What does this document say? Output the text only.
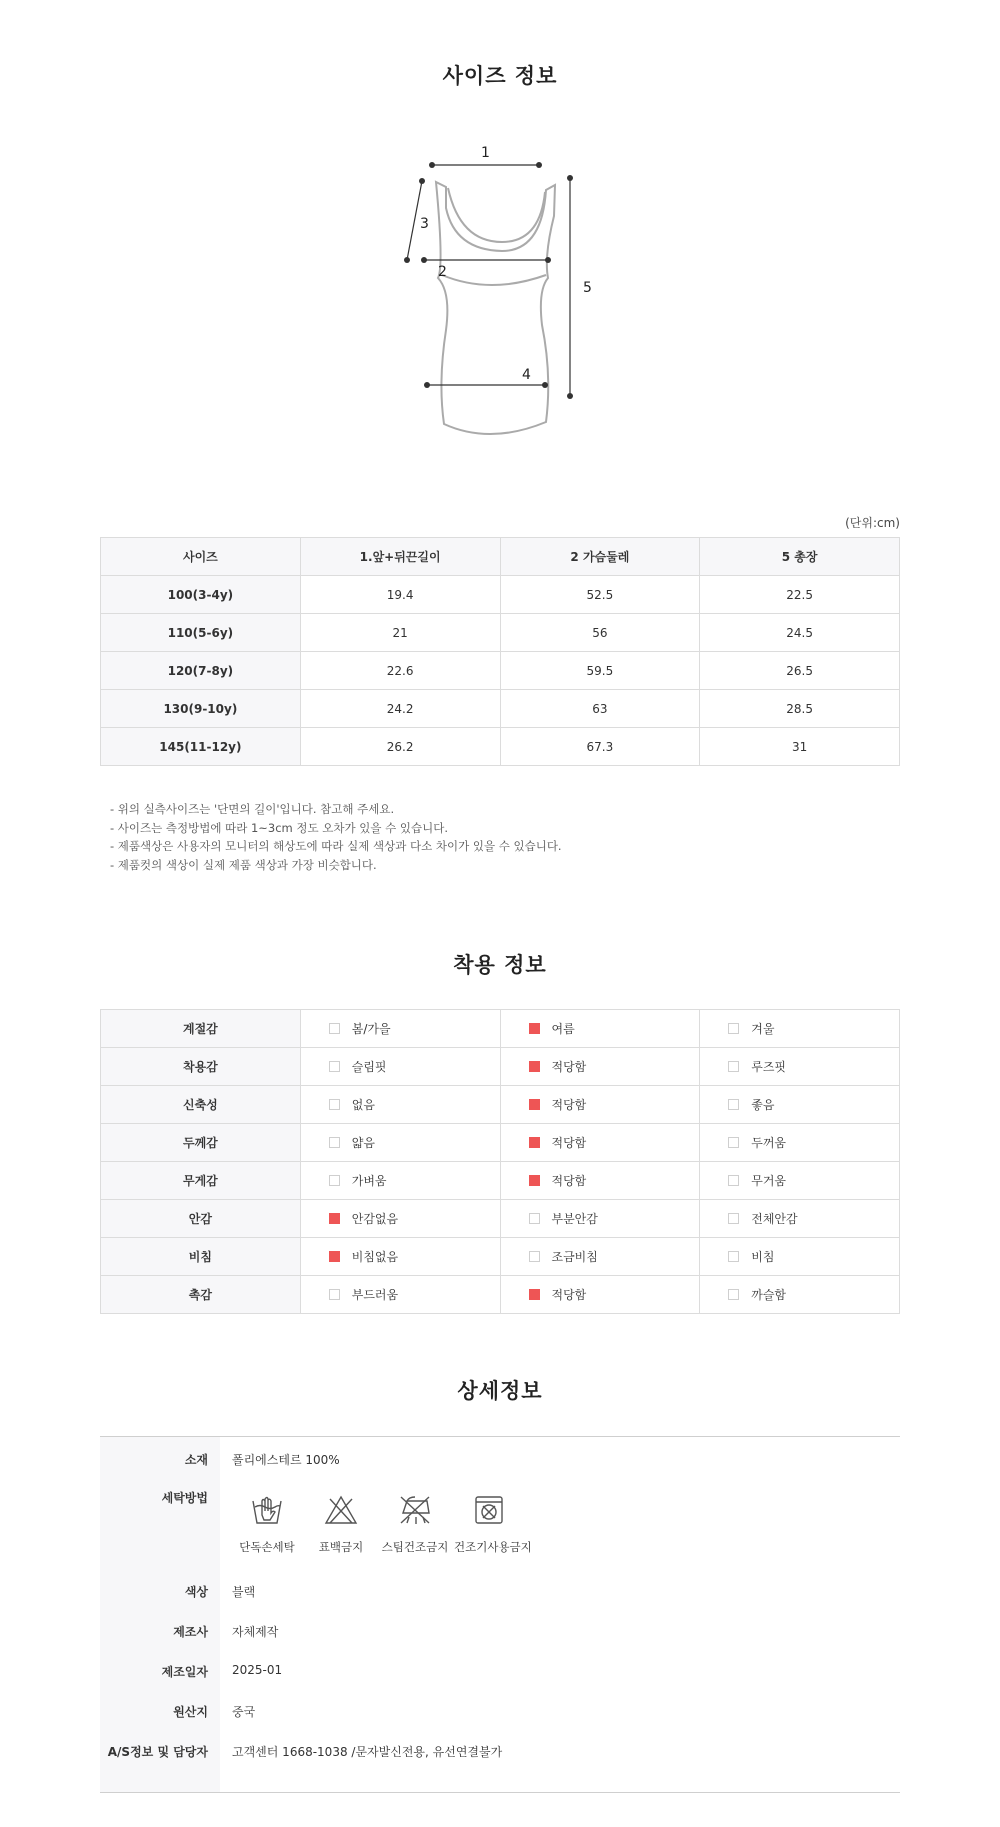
사이즈 정보
1
2
3
4
5
(단위:cm)
사이즈	1.앞+뒤끈길이	2 가슴둘레	5 총장
100(3-4y)	19.4	52.5	22.5
110(5-6y)	21	56	24.5
120(7-8y)	22.6	59.5	26.5
130(9-10y)	24.2	63	28.5
145(11-12y)	26.2	67.3	31
- 위의 실측사이즈는 '단면의 길이'입니다. 참고해 주세요.
- 사이즈는 측정방법에 따라 1~3cm 정도 오차가 있을 수 있습니다.
- 제품색상은 사용자의 모니터의 해상도에 따라 실제 색상과 다소 차이가 있을 수 있습니다.
- 제품컷의 색상이 실제 제품 색상과 가장 비슷합니다.
착용 정보
계절감	봄/가을	여름	겨울
착용감	슬림핏	적당함	루즈핏
신축성	없음	적당함	좋음
두께감	얇음	적당함	두꺼움
무게감	가벼움	적당함	무거움
안감	안감없음	부분안감	전체안감
비침	비침없음	조금비침	비침
촉감	부드러움	적당함	까슬함
상세정보
소재 폴리에스테르 100%
세탁방법
단독손세탁	표백금지	스팀건조금지 건조기사용금지
색상 블랙
제조사 자체제작
제조일자 2025-01
원산지 중국
A/S정보 및 담당자 고객센터 1668-1038 /문자발신전용, 유선연결불가
